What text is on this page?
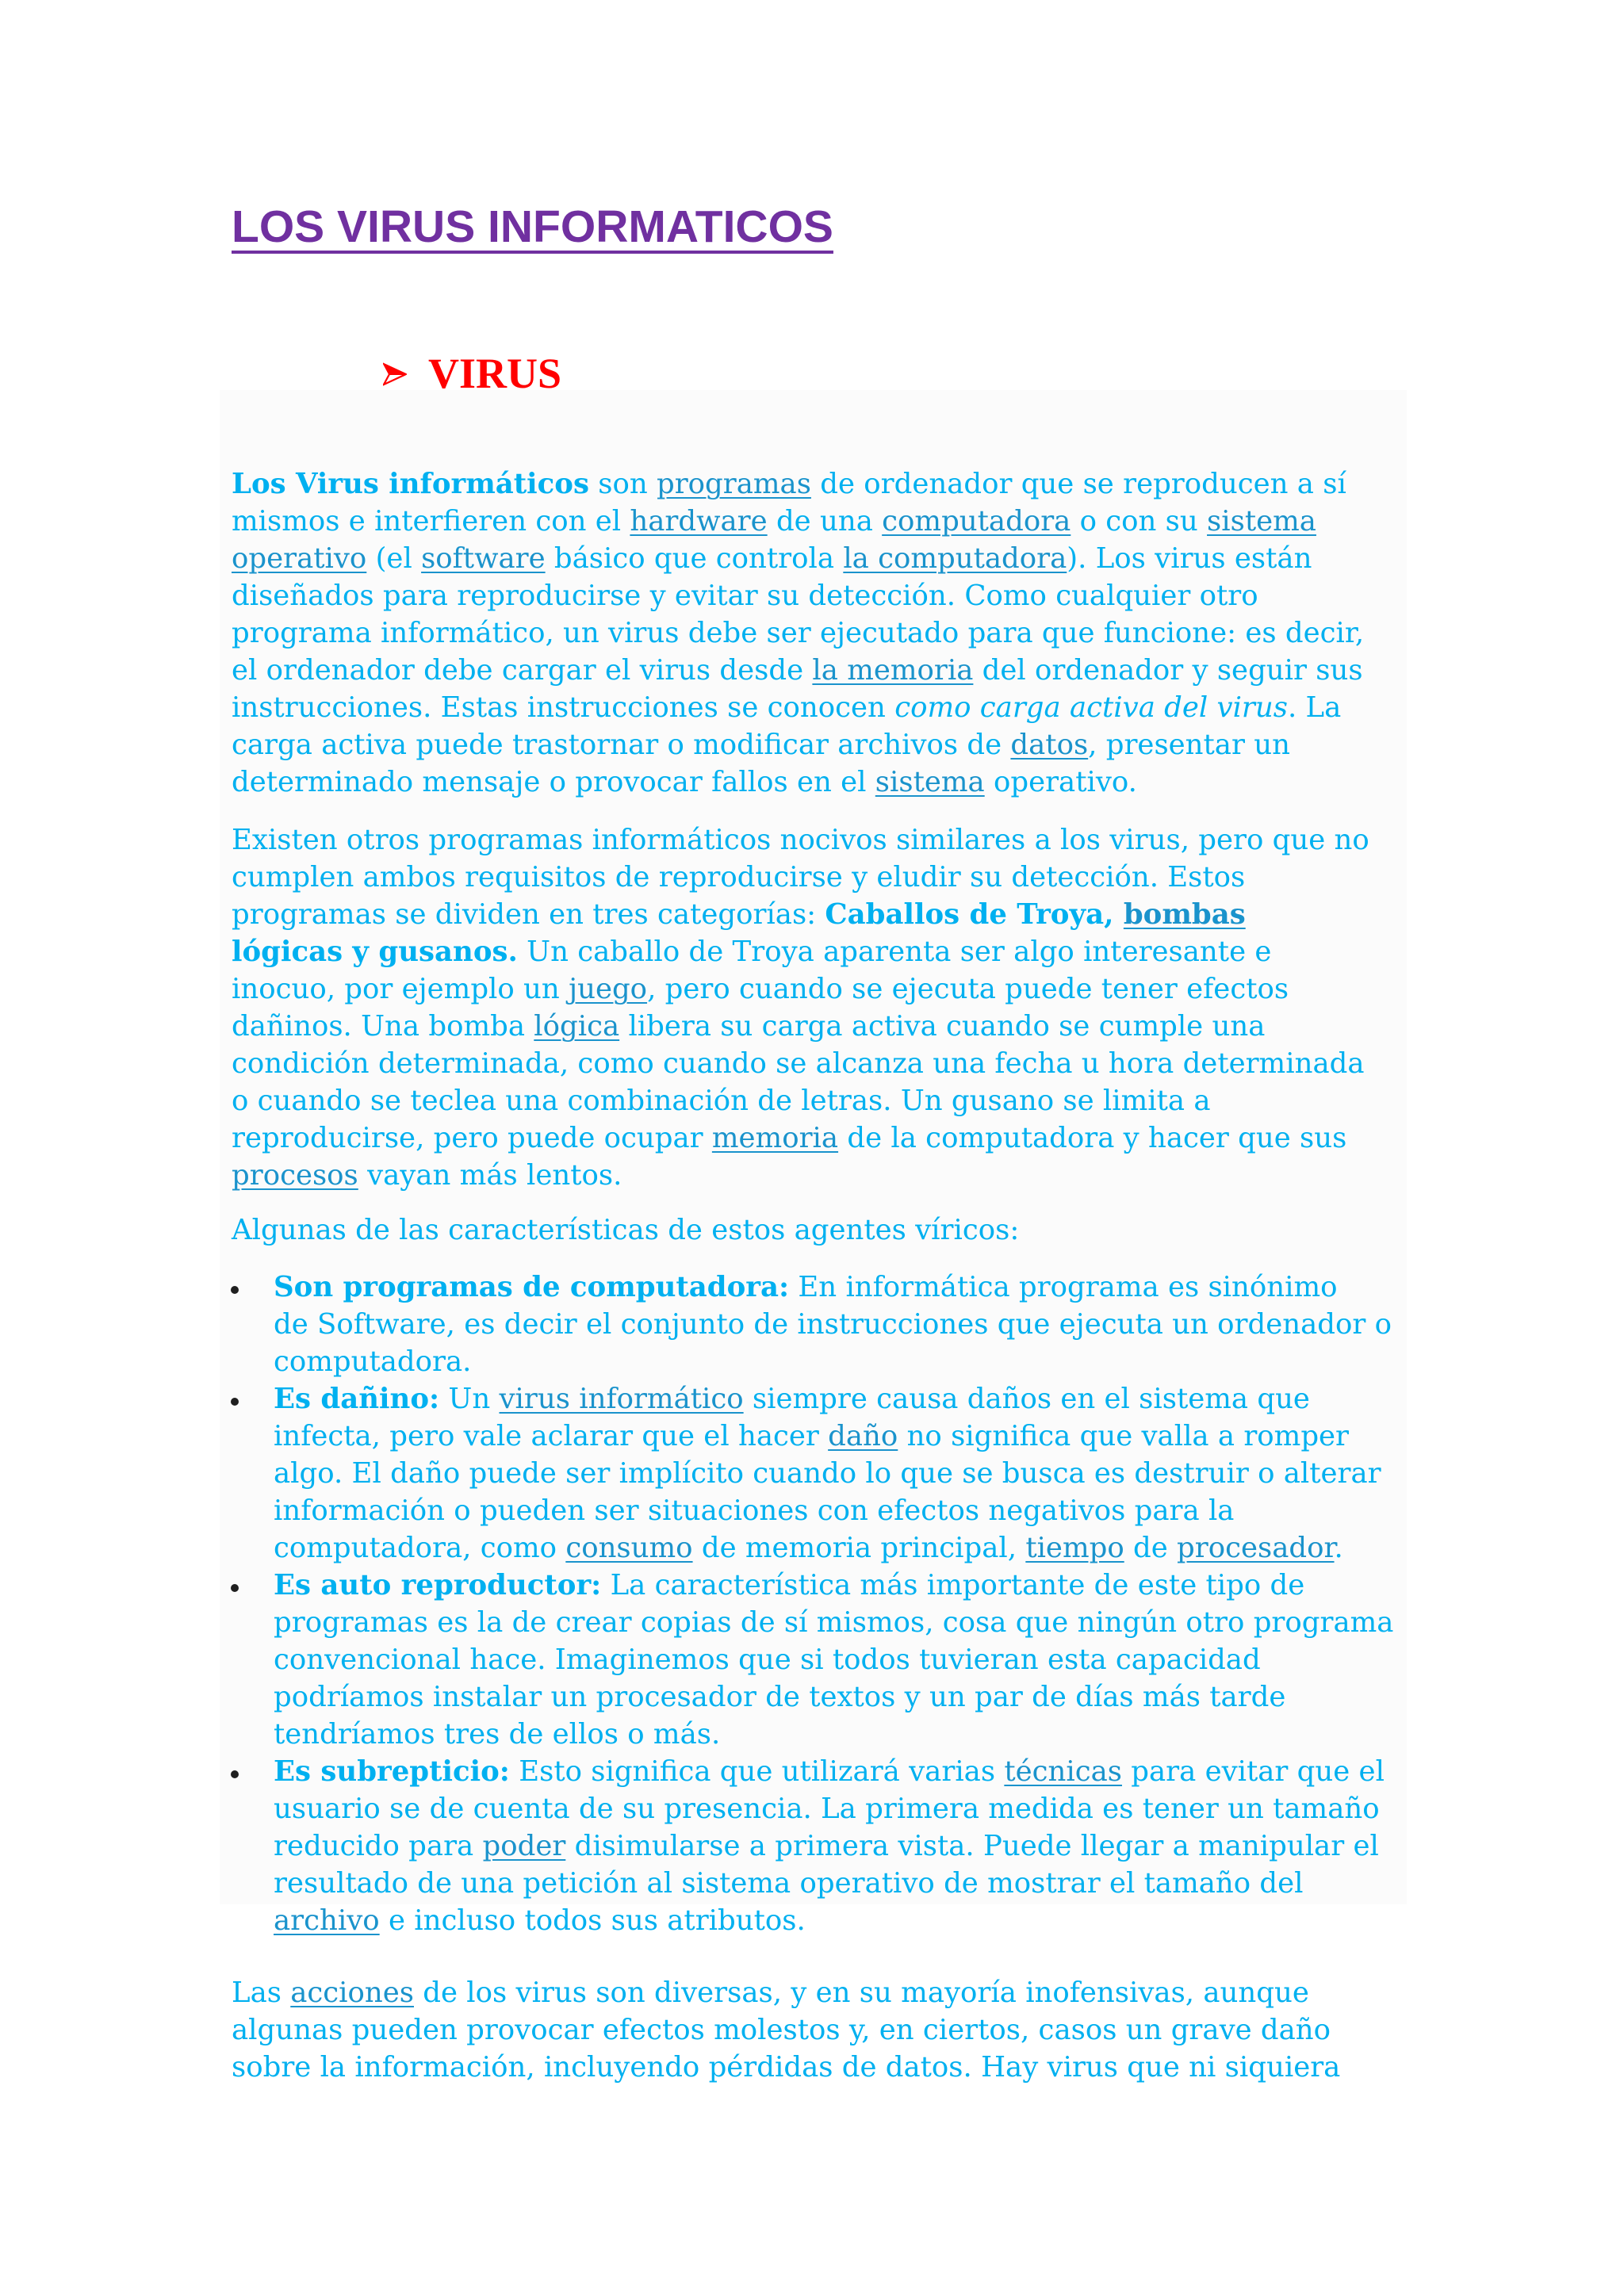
LOS VIRUS INFORMATICOS
VIRUS
Los Virus informáticos son programas de ordenador que se reproducen a sí
mismos e interfieren con el hardware de una computadora o con su sistema
operativo (el software básico que controla la computadora). Los virus están
diseñados para reproducirse y evitar su detección. Como cualquier otro
programa informático, un virus debe ser ejecutado para que funcione: es decir,
el ordenador debe cargar el virus desde la memoria del ordenador y seguir sus
instrucciones. Estas instrucciones se conocen como carga activa del virus. La
carga activa puede trastornar o modificar archivos de datos, presentar un
determinado mensaje o provocar fallos en el sistema operativo.
Existen otros programas informáticos nocivos similares a los virus, pero que no
cumplen ambos requisitos de reproducirse y eludir su detección. Estos
programas se dividen en tres categorías: Caballos de Troya, bombas
lógicas y gusanos. Un caballo de Troya aparenta ser algo interesante e
inocuo, por ejemplo un juego, pero cuando se ejecuta puede tener efectos
dañinos. Una bomba lógica libera su carga activa cuando se cumple una
condición determinada, como cuando se alcanza una fecha u hora determinada
o cuando se teclea una combinación de letras. Un gusano se limita a
reproducirse, pero puede ocupar memoria de la computadora y hacer que sus
procesos vayan más lentos.
Algunas de las características de estos agentes víricos:
Son programas de computadora: En informática programa es sinónimo
de Software, es decir el conjunto de instrucciones que ejecuta un ordenador o
computadora.
Es dañino: Un virus informático siempre causa daños en el sistema que
infecta, pero vale aclarar que el hacer daño no significa que valla a romper
algo. El daño puede ser implícito cuando lo que se busca es destruir o alterar
información o pueden ser situaciones con efectos negativos para la
computadora, como consumo de memoria principal, tiempo de procesador.
Es auto reproductor: La característica más importante de este tipo de
programas es la de crear copias de sí mismos, cosa que ningún otro programa
convencional hace. Imaginemos que si todos tuvieran esta capacidad
podríamos instalar un procesador de textos y un par de días más tarde
tendríamos tres de ellos o más.
Es subrepticio: Esto significa que utilizará varias técnicas para evitar que el
usuario se de cuenta de su presencia. La primera medida es tener un tamaño
reducido para poder disimularse a primera vista. Puede llegar a manipular el
resultado de una petición al sistema operativo de mostrar el tamaño del
archivo e incluso todos sus atributos.
Las acciones de los virus son diversas, y en su mayoría inofensivas, aunque
algunas pueden provocar efectos molestos y, en ciertos, casos un grave daño
sobre la información, incluyendo pérdidas de datos. Hay virus que ni siquiera
